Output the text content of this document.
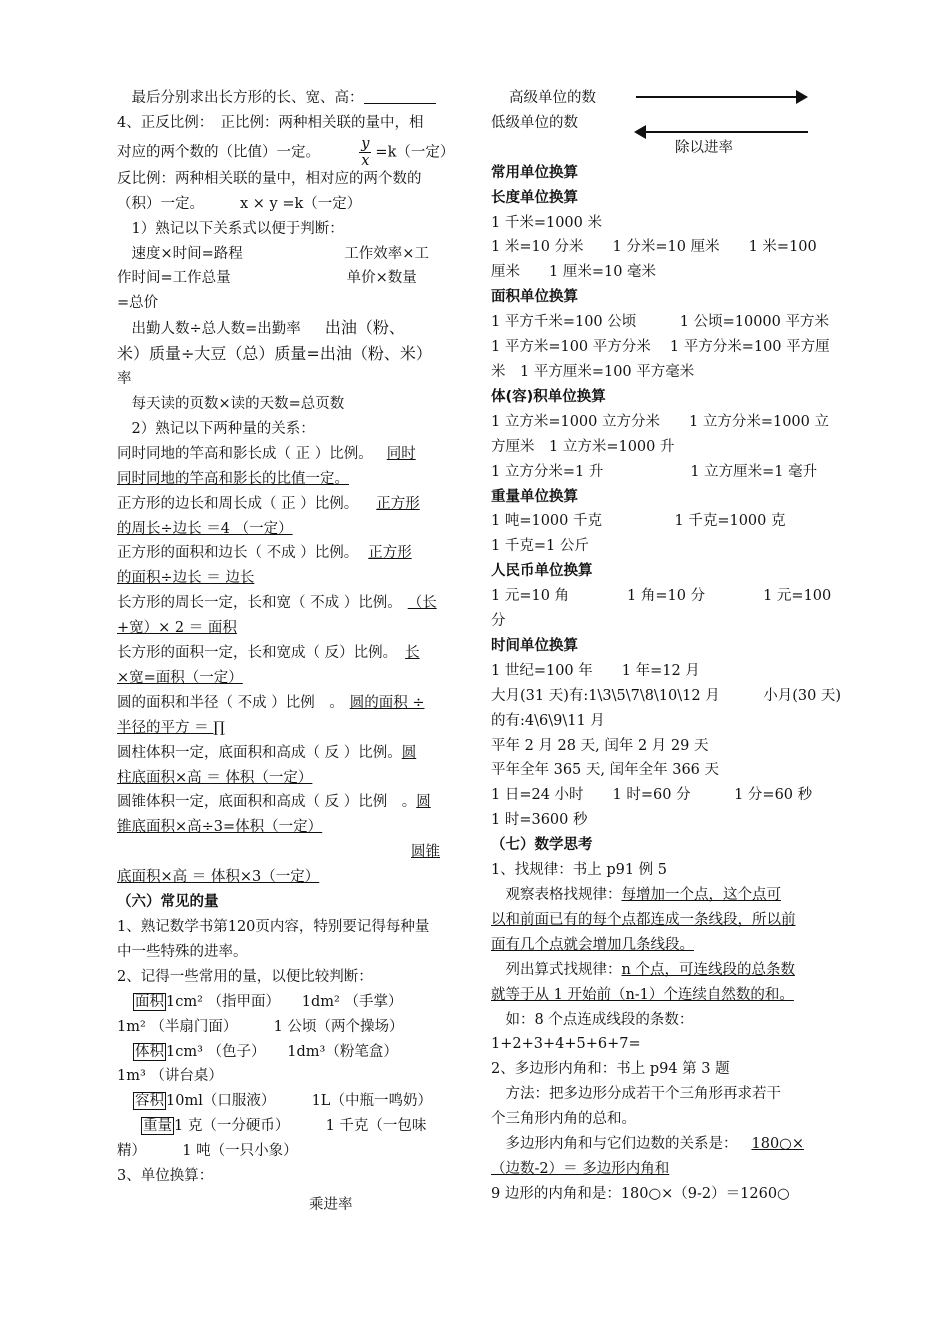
　最后分别求出长方形的长、宽、高：
4、正反比例：　正比例：两种相关联的量中，相
对应的两个数的（比值）一定。	$\frac{y}{x} =k$（一定）
反比例：两种相关联的量中，相对应的两个数的
（积）一定。 x × y =k（一定）
　1）熟记以下关系式以便于判断：
　速度×时间=路程　　　　　　　工作效率×工
作时间=工作总量　　　　　　　　单价×数量
=总价
　出勤人数÷总人数=出勤率 出油（粉、
米）质量÷大豆（总）质量=出油（粉、米）
率
　每天读的页数×读的天数=总页数
　2）熟记以下两种量的关系：
同时同地的竿高和影长成（ 正 ）比例。 同时
同时同地的竿高和影长的比值一定。
正方形的边长和周长成（ 正 ）比例。 正方形
的周长÷边长 ＝4 （一定）
正方形的面积和边长（ 不成 ）比例。 正方形
的面积÷边长 ＝ 边长
长方形的周长一定，长和宽（ 不成 ）比例。 （长
+宽）× 2 ＝ 面积
长方形的面积一定，长和宽成（ 反）比例。 长
×宽=面积（一定）
圆的面积和半径（ 不成 ）比例　。 圆的面积 ÷
半径的平方 ＝ ∏
圆柱体积一定，底面积和高成（ 反 ）比例。圆
柱底面积×高 ＝ 体积（一定）
圆锥体积一定，底面积和高成（ 反 ）比例　。圆
锥底面积×高÷3=体积（一定）
圆锥
底面积×高 ＝ 体积×3（一定）
（六）常见的量
1、熟记数学书第120页内容，特别要记得每种量
中一些特殊的进率。
2、记得一些常用的量，以便比较判断：
面积 1cm² （指甲面）　　1dm² （手掌）
1m² （半扇门面）　　　1 公顷（两个操场）
体积 1cm³ （色子）　　1dm³（粉笔盒）
1m³ （讲台桌）
容积 10ml（口服液）　　　1L（中瓶一鸣奶）
重量 1 克（一分硬币）　　　1 千克（一包味
精）　　　1 吨（一只小象）
3、单位换算：
乘进率
高级单位的数
低级单位的数
除以进率
常用单位换算
长度单位换算
1 千米=1000 米
1 米=10 分米　　1 分米=10 厘米　　1 米=100
厘米　　1 厘米=10 毫米
面积单位换算
1 平方千米=100 公顷　　　1 公顷=10000 平方米
1 平方米=100 平方分米　 1 平方分米=100 平方厘
米　1 平方厘米=100 平方毫米
体(容)积单位换算
1 立方米=1000 立方分米　　1 立方分米=1000 立
方厘米　1 立方米=1000 升
1 立方分米=1 升　　　　　　1 立方厘米=1 毫升
重量单位换算
1 吨=1000 千克　　　　　1 千克=1000 克
1 千克=1 公斤
人民币单位换算
1 元=10 角　　　　1 角=10 分　　　　1 元=100
分
时间单位换算
1 世纪=100 年　　1 年=12 月
大月(31 天)有:1\3\5\7\8\10\12 月　　　小月(30 天)
的有:4\6\9\11 月
平年 2 月 28 天, 闰年 2 月 29 天
平年全年 365 天, 闰年全年 366 天
1 日=24 小时　　1 时=60 分　　　1 分=60 秒
1 时=3600 秒
（七）数学思考
1、找规律：书上 p91 例 5
　观察表格找规律：每增加一个点，这个点可
以和前面已有的每个点都连成一条线段，所以前
面有几个点就会增加几条线段。
　列出算式找规律：n 个点，可连线段的总条数
就等于从 1 开始前（n-1）个连续自然数的和。
　如：8 个点连成线段的条数：
1+2+3+4+5+6+7=
2、多边形内角和：书上 p94 第 3 题
　方法：把多边形分成若干个三角形再求若干
个三角形内角的总和。
　多边形内角和与它们边数的关系是： 180○×
（边数-2）＝ 多边形内角和
9 边形的内角和是：180○×（9-2）＝1260○
